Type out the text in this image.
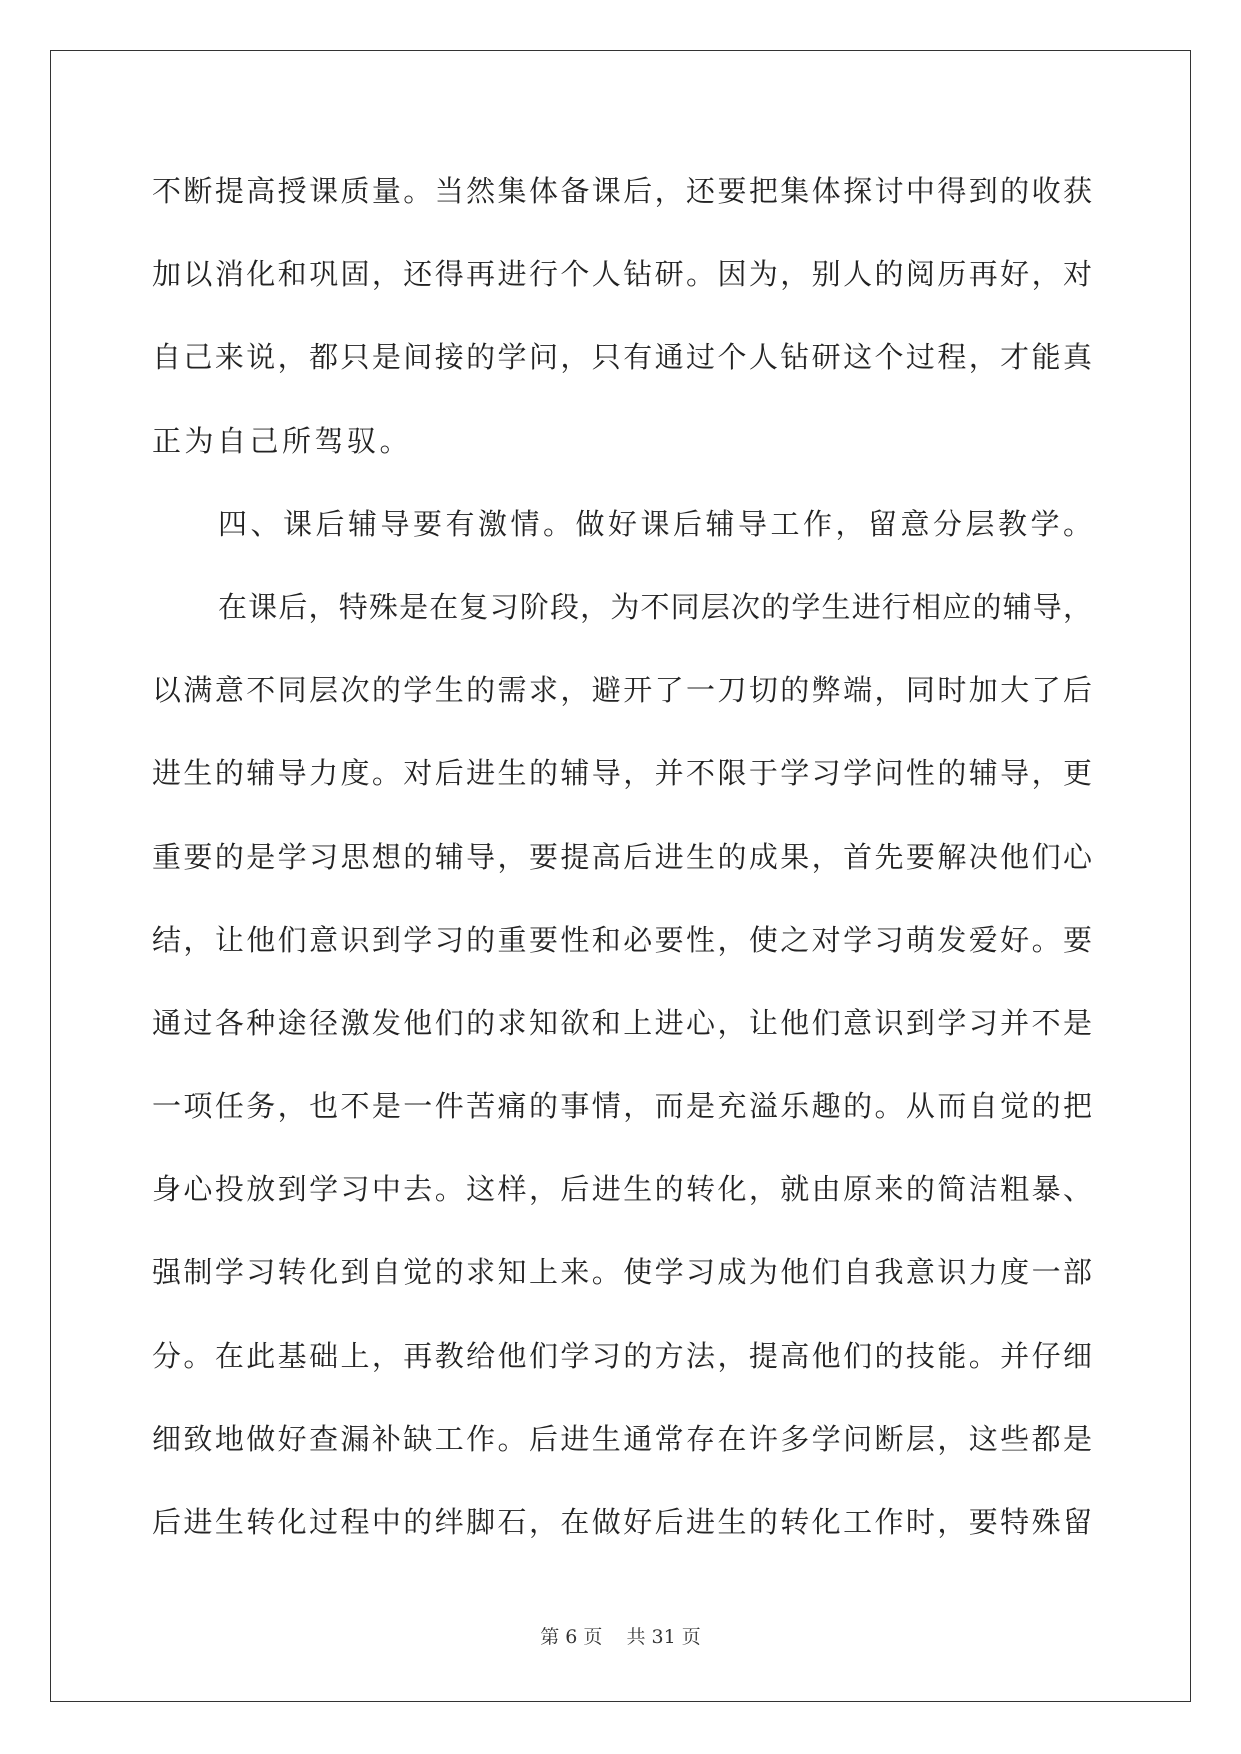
不断提高授课质量。当然集体备课后，还要把集体探讨中得到的收获
加以消化和巩固，还得再进行个人钻研。因为，别人的阅历再好，对
自己来说，都只是间接的学问，只有通过个人钻研这个过程，才能真
正为自己所驾驭。
四、课后辅导要有激情。做好课后辅导工作，留意分层教学。
在课后，特殊是在复习阶段，为不同层次的学生进行相应的辅导，
以满意不同层次的学生的需求，避开了一刀切的弊端，同时加大了后
进生的辅导力度。对后进生的辅导，并不限于学习学问性的辅导，更
重要的是学习思想的辅导，要提高后进生的成果，首先要解决他们心
结，让他们意识到学习的重要性和必要性，使之对学习萌发爱好。要
通过各种途径激发他们的求知欲和上进心，让他们意识到学习并不是
一项任务，也不是一件苦痛的事情，而是充溢乐趣的。从而自觉的把
身心投放到学习中去。这样，后进生的转化，就由原来的简洁粗暴、
强制学习转化到自觉的求知上来。使学习成为他们自我意识力度一部
分。在此基础上，再教给他们学习的方法，提高他们的技能。并仔细
细致地做好查漏补缺工作。后进生通常存在许多学问断层，这些都是
后进生转化过程中的绊脚石，在做好后进生的转化工作时，要特殊留
第 6 页 共 31 页
